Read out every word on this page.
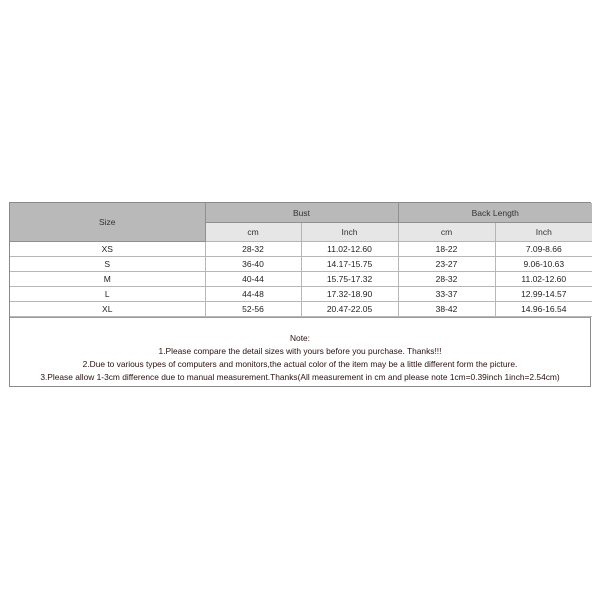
Size	Bust		Back Length	
	cm	Inch	cm	Inch
XS	28-32	11.02-12.60	18-22	7.09-8.66
S	36-40	14.17-15.75	23-27	9.06-10.63
M	40-44	15.75-17.32	28-32	11.02-12.60
L	44-48	17.32-18.90	33-37	12.99-14.57
XL	52-56	20.47-22.05	38-42	14.96-16.54
Note:
1.Please compare the detail sizes with yours before you purchase. Thanks!!!
2.Due to various types of computers and monitors,the actual color of the item may be a little different form the picture.
3.Please allow 1-3cm difference due to manual measurement.Thanks(All measurement in cm and please note 1cm=0.39inch 1inch=2.54cm)
